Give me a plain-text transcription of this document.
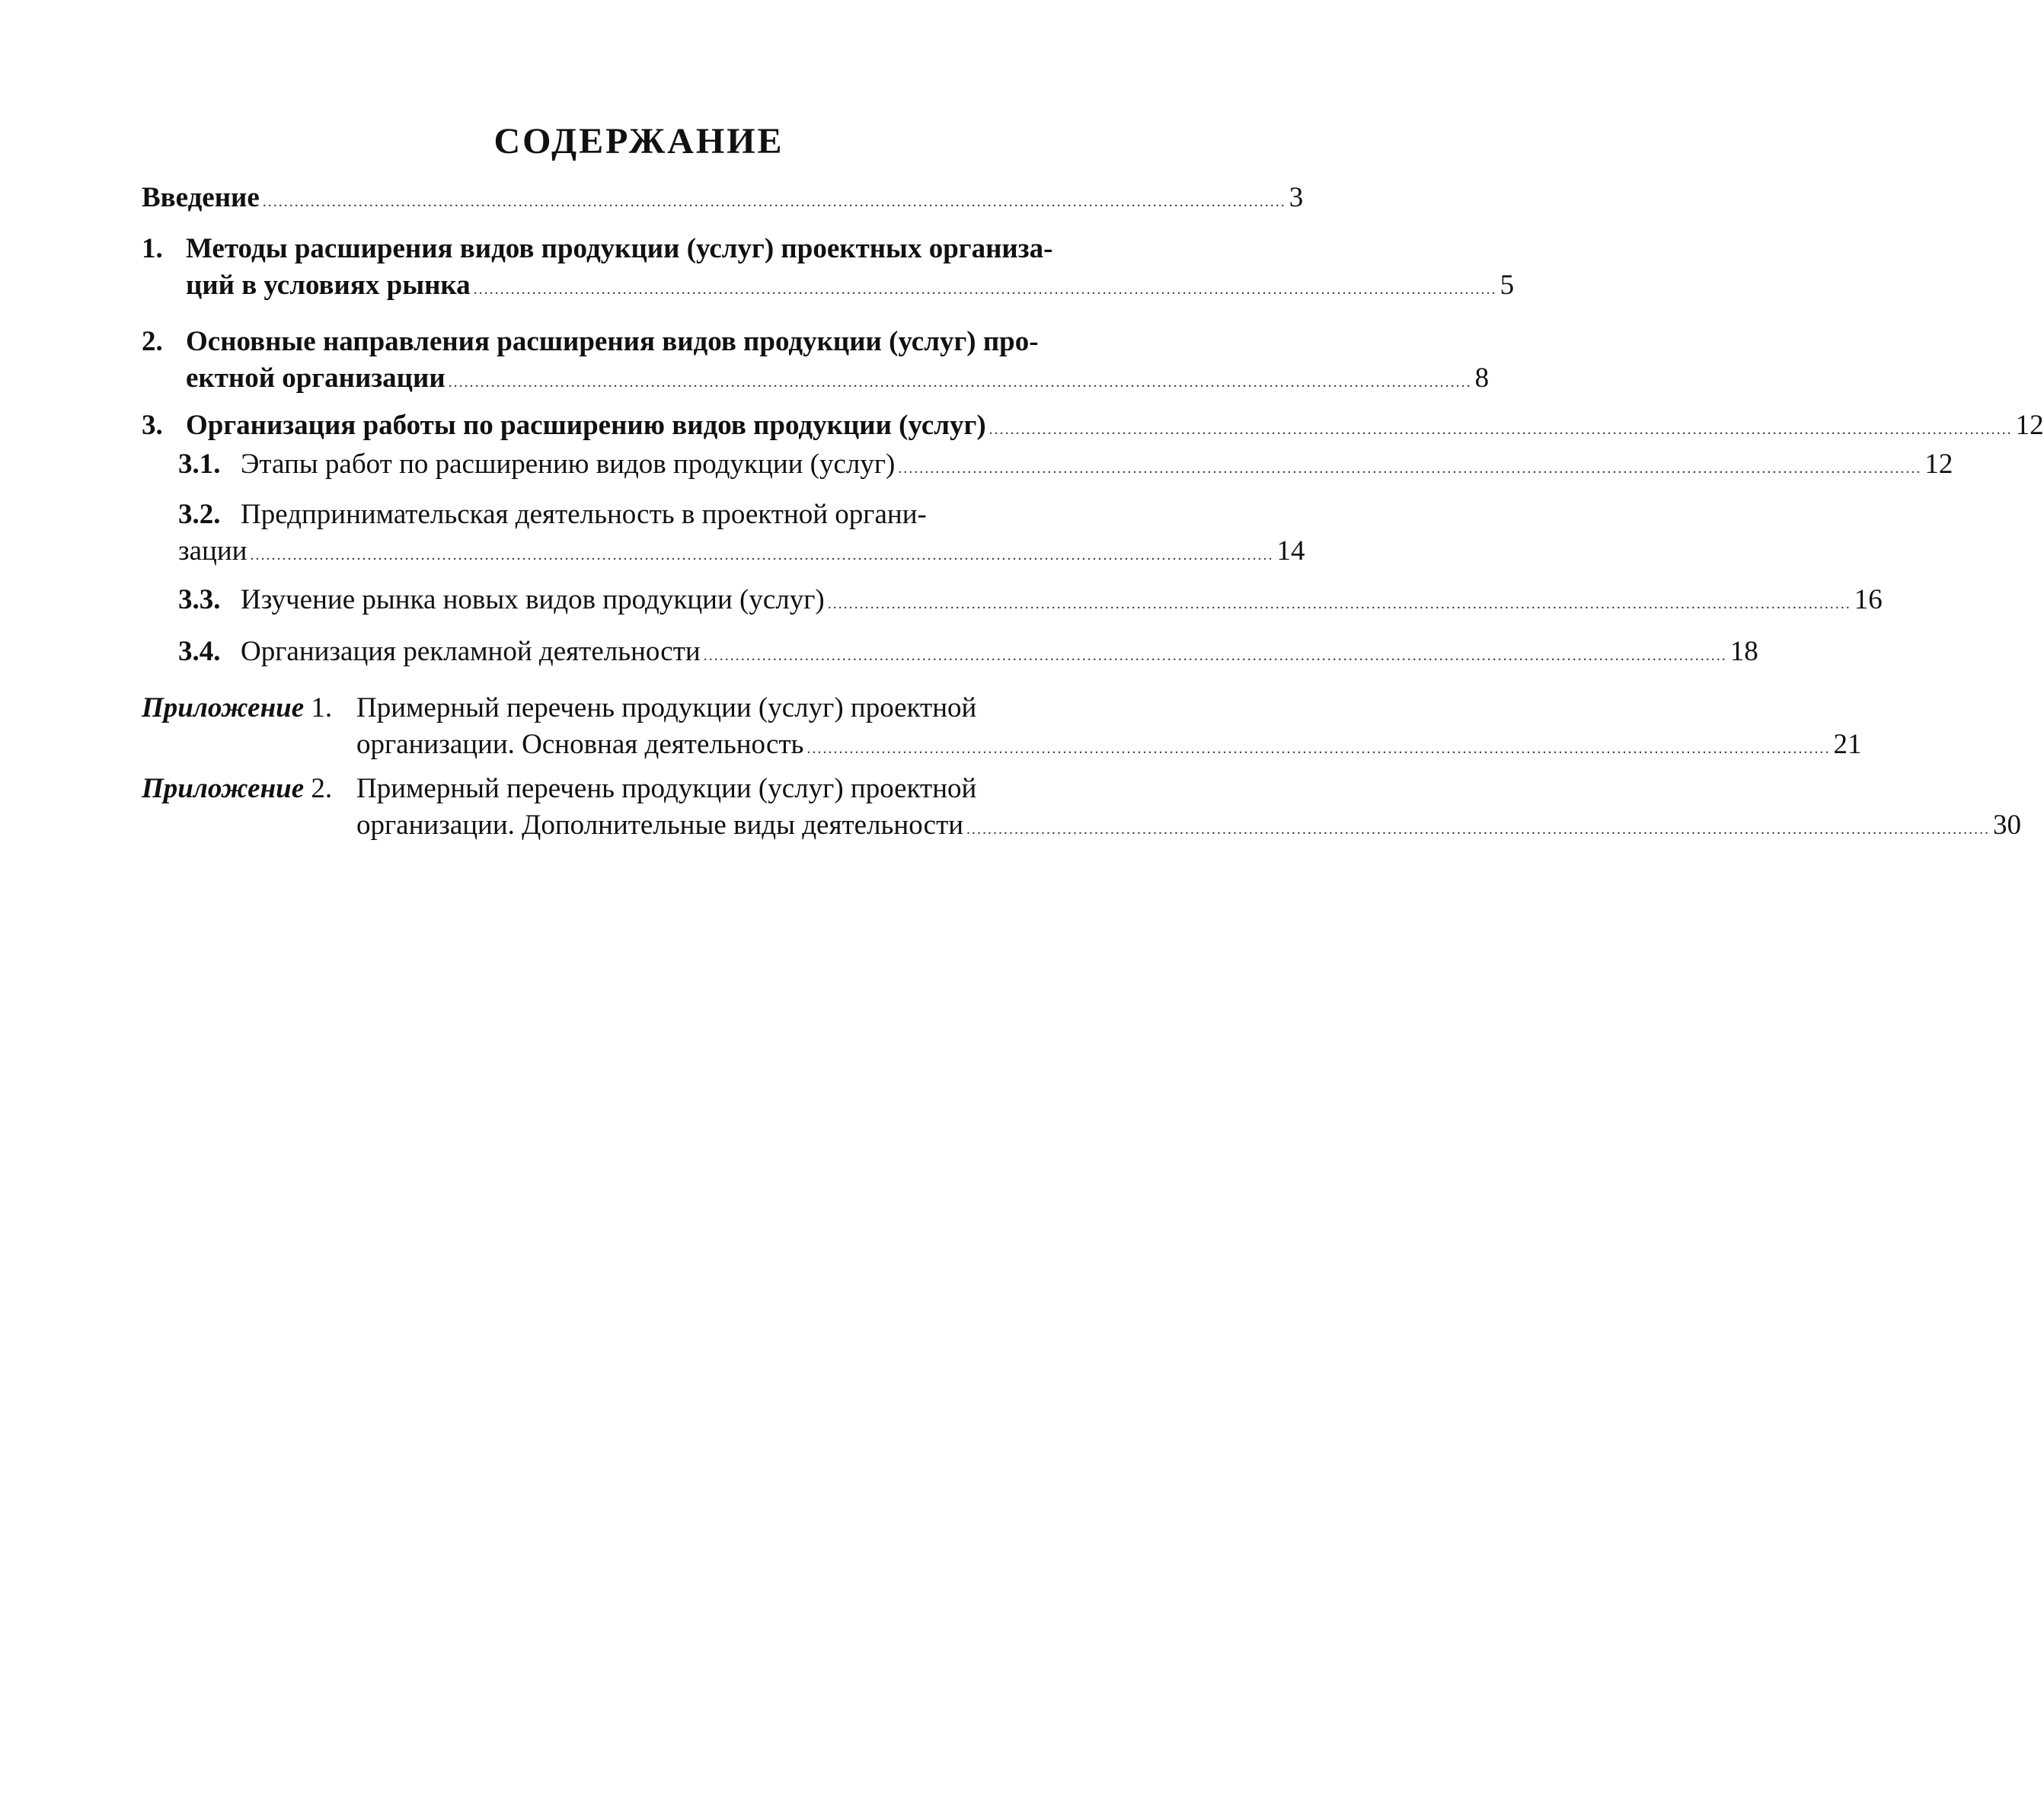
СОДЕРЖАНИЕ
Введение ................................................................................................................................................................................................ 3
1. Методы расширения видов продукции (услуг) проектных организа-
ций в условиях рынка ................................................................................................................................................................................................ 5
2. Основные направления расширения видов продукции (услуг) про-
ектной организации ................................................................................................................................................................................................ 8
3. Организация работы по расширению видов продукции (услуг) ................................................................................................................................................................................................ 12
3.1. Этапы работ по расширению видов продукции (услуг) ................................................................................................................................................................................................ 12
3.2. Предпринимательская деятельность в проектной органи-
зации ................................................................................................................................................................................................ 14
3.3. Изучение рынка новых видов продукции (услуг) ................................................................................................................................................................................................ 16
3.4. Организация рекламной деятельности ................................................................................................................................................................................................ 18
Приложение 1. Примерный перечень продукции (услуг) проектной
организации. Основная деятельность ................................................................................................................................................................................................ 21
Приложение 2. Примерный перечень продукции (услуг) проектной
организации. Дополнительные виды деятельности ................................................................................................................................................................................................ 30
